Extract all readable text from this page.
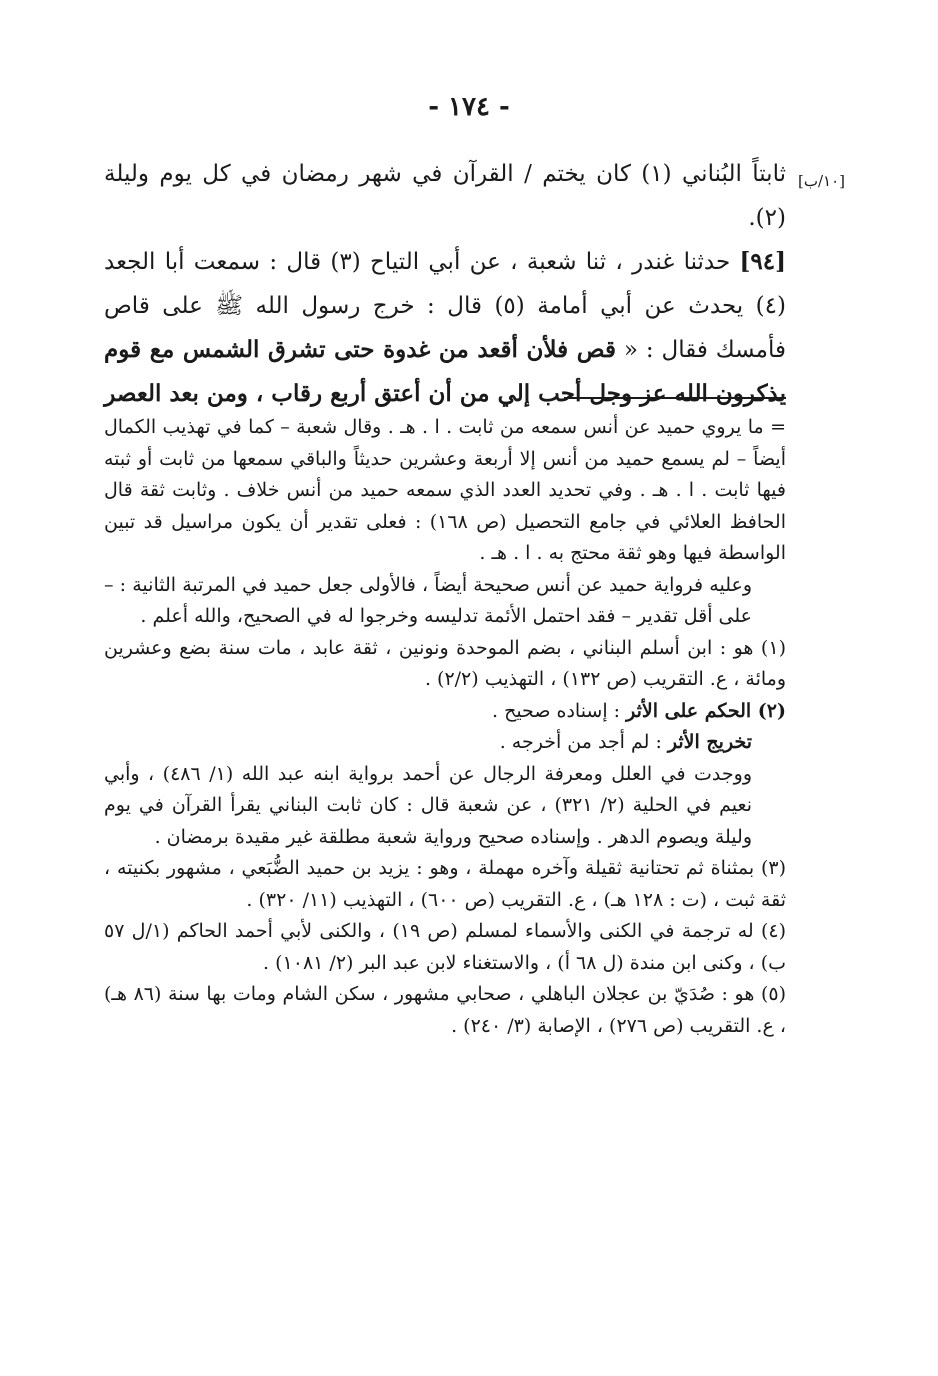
- ١٧٤ -
[١٠/ب]

ثابتاً البُناني (١) كان يختم / القرآن في شهر رمضان في كل يوم وليلة (٢).

[٩٤] حدثنا غندر ، ثنا شعبة ، عن أبي التياح (٣) قال : سمعت أبا الجعد (٤) يحدث عن أبي أمامة (٥) قال : خرج رسول الله ﷺ على قاص فأمسك فقال : « قص فلأن أقعد من غدوة حتى تشرق الشمس مع قوم يذكرون الله عز وجل أحب إلي من أن أعتق أربع رقاب ، ومن بعد العصر

= ما يروي حميد عن أنس سمعه من ثابت . ا . هـ . وقال شعبة – كما في تهذيب الكمال أيضاً – لم يسمع حميد من أنس إلا أربعة وعشرين حديثاً والباقي سمعها من ثابت أو ثبته فيها ثابت . ا . هـ . وفي تحديد العدد الذي سمعه حميد من أنس خلاف . وثابت ثقة قال الحافظ العلائي في جامع التحصيل (ص ١٦٨) : فعلى تقدير أن يكون مراسيل قد تبين الواسطة فيها وهو ثقة محتج به . ا . هـ .

وعليه فرواية حميد عن أنس صحيحة أيضاً ، فالأولى جعل حميد في المرتبة الثانية : – على أقل تقدير – فقد احتمل الأئمة تدليسه وخرجوا له في الصحيح، والله أعلم .

(١) هو : ابن أسلم البناني ، بضم الموحدة ونونين ، ثقة عابد ، مات سنة بضع وعشرين ومائة ، ع. التقريب (ص ١٣٢) ، التهذيب (٢/٢) .

(٢) الحكم على الأثر : إسناده صحيح .

تخريج الأثر : لم أجد من أخرجه .

ووجدت في العلل ومعرفة الرجال عن أحمد برواية ابنه عبد الله (١/ ٤٨٦) ، وأبي نعيم في الحلية (٢/ ٣٢١) ، عن شعبة قال : كان ثابت البناني يقرأ القرآن في يوم وليلة ويصوم الدهر . وإسناده صحيح ورواية شعبة مطلقة غير مقيدة برمضان .

(٣) بمثناة ثم تحتانية ثقيلة وآخره مهملة ، وهو : يزيد بن حميد الضُّبَعي ، مشهور بكنيته ، ثقة ثبت ، (ت : ١٢٨ هـ) ، ع. التقريب (ص ٦٠٠) ، التهذيب (١١/ ٣٢٠) .

(٤) له ترجمة في الكنى والأسماء لمسلم (ص ١٩) ، والكنى لأبي أحمد الحاكم (١/ل ٥٧ ب) ، وكنى ابن مندة (ل ٦٨ أ) ، والاستغناء لابن عبد البر (٢/ ١٠٨١) .

(٥) هو : صُدَيّ بن عجلان الباهلي ، صحابي مشهور ، سكن الشام ومات بها سنة (٨٦ هـ) ، ع. التقريب (ص ٢٧٦) ، الإصابة (٣/ ٢٤٠) .
